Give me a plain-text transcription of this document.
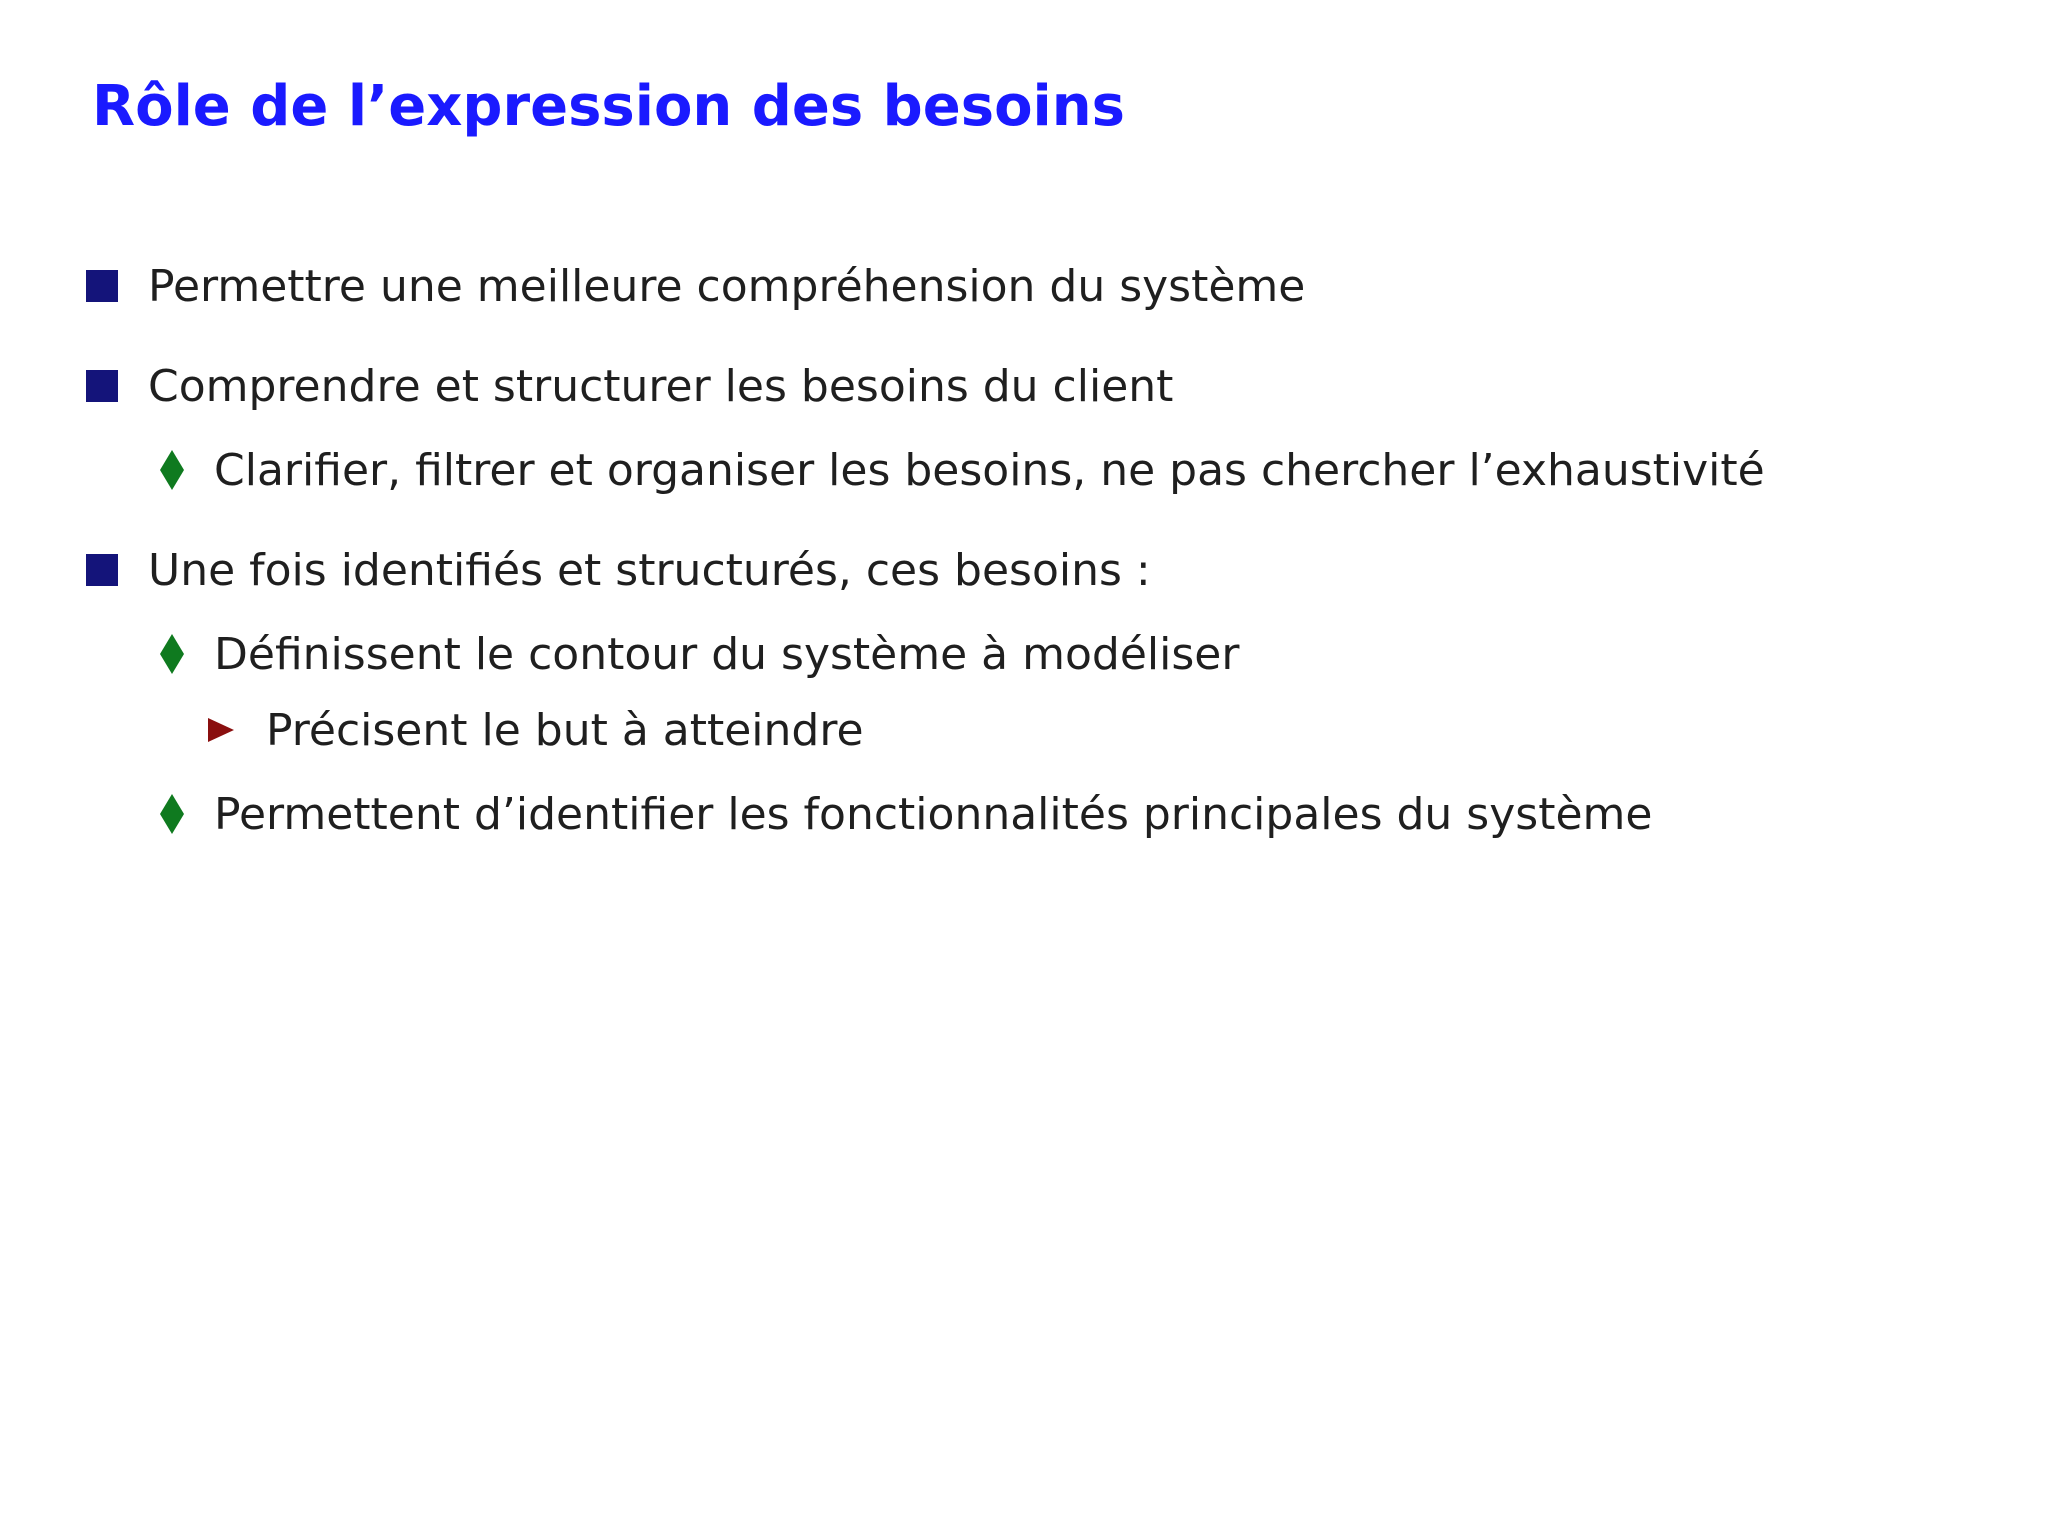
Rôle de l’expression des besoins
Permettre une meilleure compréhension du système
Comprendre et structurer les besoins du client
Clarifier, filtrer et organiser les besoins, ne pas chercher l’exhaustivité
Une fois identifiés et structurés, ces besoins :
Définissent le contour du système à modéliser
Précisent le but à atteindre
Permettent d’identifier les fonctionnalités principales du système
